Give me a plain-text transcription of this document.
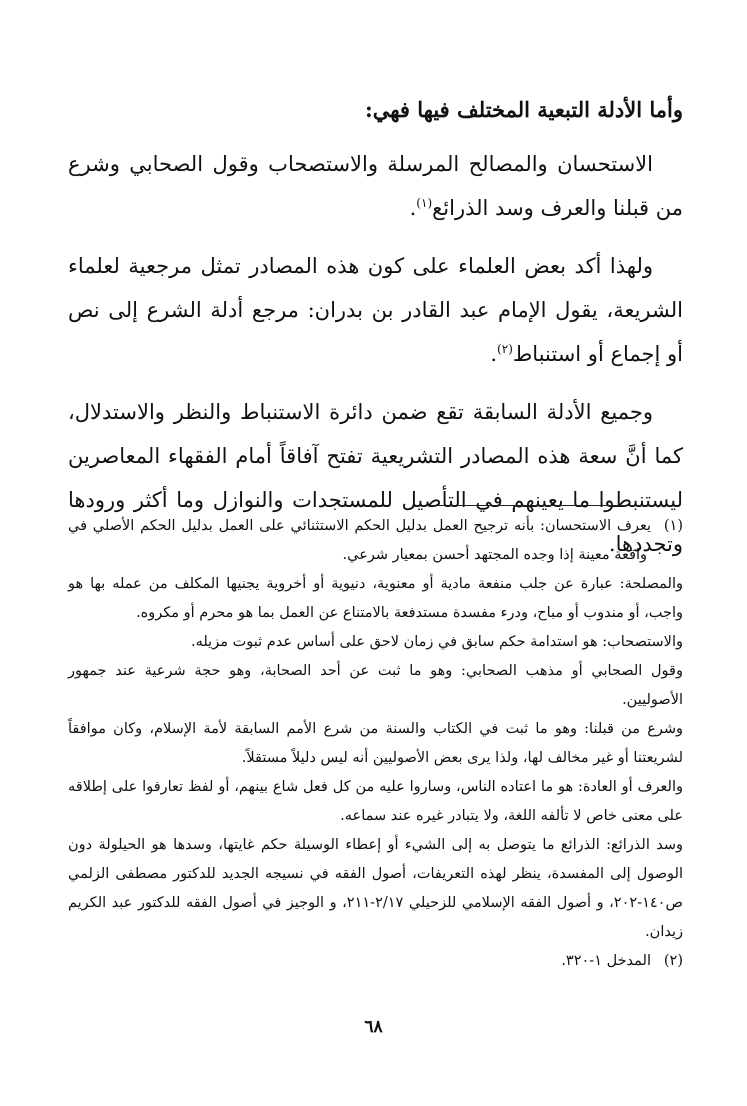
وأما الأدلة التبعية المختلف فيها فهي:

الاستحسان والمصالح المرسلة والاستصحاب وقول الصحابي وشرع من قبلنا والعرف وسد الذرائع$^{(١)}$.

ولهذا أكد بعض العلماء على كون هذه المصادر تمثل مرجعية لعلماء الشريعة، يقول الإمام عبد القادر بن بدران: مرجع أدلة الشرع إلى نص أو إجماع أو استنباط$^{(٢)}$.

وجميع الأدلة السابقة تقع ضمن دائرة الاستنباط والنظر والاستدلال، كما أنَّ سعة هذه المصادر التشريعية تفتح آفاقاً أمام الفقهاء المعاصرين ليستنبطوا ما يعينهم في التأصيل للمستجدات والنوازل وما أكثر ورودها وتجددها.

(١)يعرف الاستحسان: بأنه ترجيح العمل بدليل الحكم الاستثنائي على العمل بدليل الحكم الأصلي في واقعة معينة إذا وجده المجتهد أحسن بمعيار شرعي.

والمصلحة: عبارة عن جلب منفعة مادية أو معنوية، دنيوية أو أخروية يجنيها المكلف من عمله بها هو واجب، أو مندوب أو مباح، ودرء مفسدة مستدفعة بالامتناع عن العمل بما هو محرم أو مكروه.

والاستصحاب: هو استدامة حكم سابق في زمان لاحق على أساس عدم ثبوت مزيله.

وقول الصحابي أو مذهب الصحابي: وهو ما ثبت عن أحد الصحابة، وهو حجة شرعية عند جمهور الأصوليين.

وشرع من قبلنا: وهو ما ثبت في الكتاب والسنة من شرع الأمم السابقة لأمة الإسلام، وكان موافقاً لشريعتنا أو غير مخالف لها، ولذا يرى بعض الأصوليين أنه ليس دليلاً مستقلاً.

والعرف أو العادة: هو ما اعتاده الناس، وساروا عليه من كل فعل شاع بينهم، أو لفظ تعارفوا على إطلاقه على معنى خاص لا تألفه اللغة، ولا يتبادر غيره عند سماعه.

وسد الذرائع: الذرائع ما يتوصل به إلى الشيء أو إعطاء الوسيلة حكم غايتها، وسدها هو الحيلولة دون الوصول إلى المفسدة، ينظر لهذه التعريفات، أصول الفقه في نسيجه الجديد للدكتور مصطفى الزلمي ص١٤٠-٢٠٢، و أصول الفقه الإسلامي للزحيلي ٢/١٧-٢١١، و الوجيز في أصول الفقه للدكتور عبد الكريم زيدان.

(٢)المدخل ١-٣٢٠.

٦٨
